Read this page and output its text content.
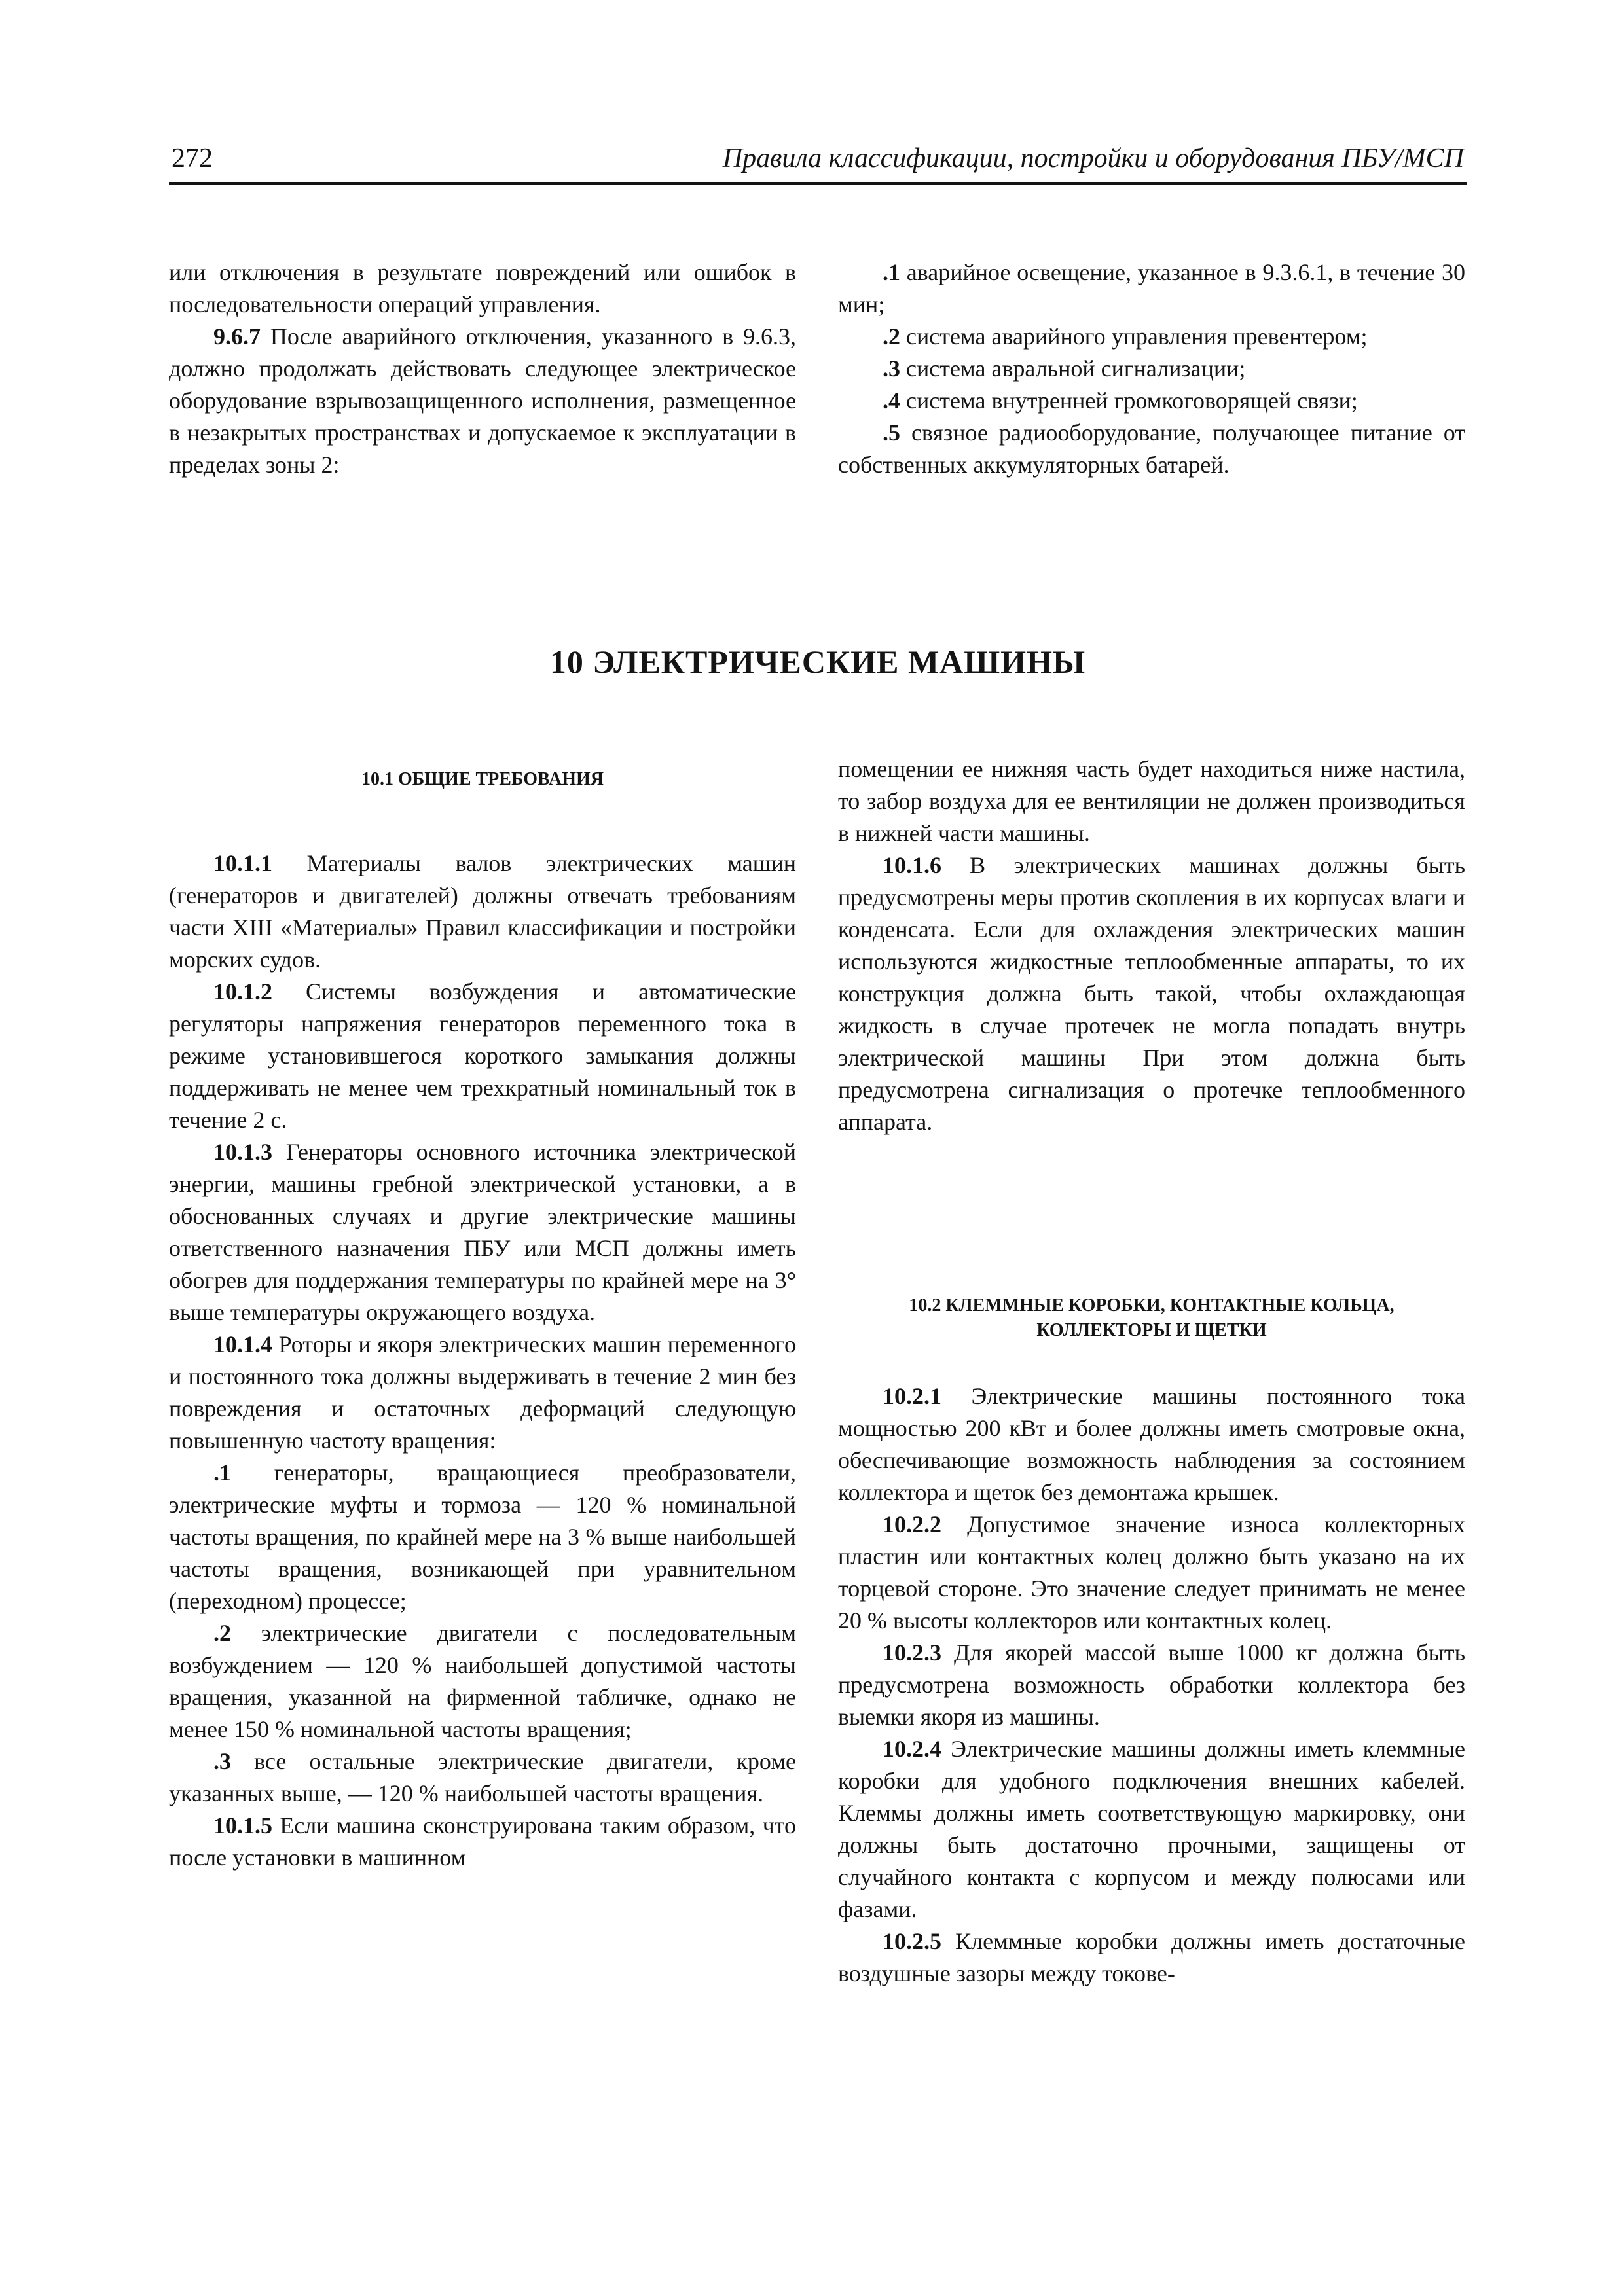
272	Правила классификации, постройки и оборудования ПБУ/МСП

или отключения в результате повреждений или ошибок в последовательности операций управления.

9.6.7 После аварийного отключения, указанного в 9.6.3, должно продолжать действовать следующее электрическое оборудование взрывозащищенного исполнения, размещенное в незакрытых пространствах и допускаемое к эксплуатации в пределах зоны 2:

.1 аварийное освещение, указанное в 9.3.6.1, в течение 30 мин;

.2 система аварийного управления превентером;

.3 система авральной сигнализации;

.4 система внутренней громкоговорящей связи;

.5 связное радиооборудование, получающее питание от собственных аккумуляторных батарей.

10 ЭЛЕКТРИЧЕСКИЕ МАШИНЫ
10.1 ОБЩИЕ ТРЕБОВАНИЯ

10.1.1 Материалы валов электрических машин (генераторов и двигателей) должны отвечать требованиям части XIII «Материалы» Правил классификации и постройки морских судов.

10.1.2 Системы возбуждения и автоматические регуляторы напряжения генераторов переменного тока в режиме установившегося короткого замыкания должны поддерживать не менее чем трехкратный номинальный ток в течение 2 с.

10.1.3 Генераторы основного источника электрической энергии, машины гребной электрической установки, а в обоснованных случаях и другие электрические машины ответственного назначения ПБУ или МСП должны иметь обогрев для поддержания температуры по крайней мере на 3° выше температуры окружающего воздуха.

10.1.4 Роторы и якоря электрических машин переменного и постоянного тока должны выдерживать в течение 2 мин без повреждения и остаточных деформаций следующую повышенную частоту вращения:

.1 генераторы, вращающиеся преобразователи, электрические муфты и тормоза — 120 % номинальной частоты вращения, по крайней мере на 3 % выше наибольшей частоты вращения, возникающей при уравнительном (переходном) процессе;

.2 электрические двигатели с последовательным возбуждением — 120 % наибольшей допустимой частоты вращения, указанной на фирменной табличке, однако не менее 150 % номинальной частоты вращения;

.3 все остальные электрические двигатели, кроме указанных выше, — 120 % наибольшей частоты вращения.

10.1.5 Если машина сконструирована таким образом, что после установки в машинном

помещении ее нижняя часть будет находиться ниже настила, то забор воздуха для ее вентиляции не должен производиться в нижней части машины.

10.1.6 В электрических машинах должны быть предусмотрены меры против скопления в их корпусах влаги и конденсата. Если для охлаждения электрических машин используются жидкостные теплообменные аппараты, то их конструкция должна быть такой, чтобы охлаждающая жидкость в случае протечек не могла попадать внутрь электрической машины При этом должна быть предусмотрена сигнализация о протечке теплообменного аппарата.

10.2 КЛЕММНЫЕ КОРОБКИ, КОНТАКТНЫЕ КОЛЬЦА,
КОЛЛЕКТОРЫ И ЩЕТКИ

10.2.1 Электрические машины постоянного тока мощностью 200 кВт и более должны иметь смотровые окна, обеспечивающие возможность наблюдения за состоянием коллектора и щеток без демонтажа крышек.

10.2.2 Допустимое значение износа коллекторных пластин или контактных колец должно быть указано на их торцевой стороне. Это значение следует принимать не менее 20 % высоты коллекторов или контактных колец.

10.2.3 Для якорей массой выше 1000 кг должна быть предусмотрена возможность обработки коллектора без выемки якоря из машины.

10.2.4 Электрические машины должны иметь клеммные коробки для удобного подключения внешних кабелей. Клеммы должны иметь соответствующую маркировку, они должны быть достаточно прочными, защищены от случайного контакта с корпусом и между полюсами или фазами.

10.2.5 Клеммные коробки должны иметь достаточные воздушные зазоры между токове-
